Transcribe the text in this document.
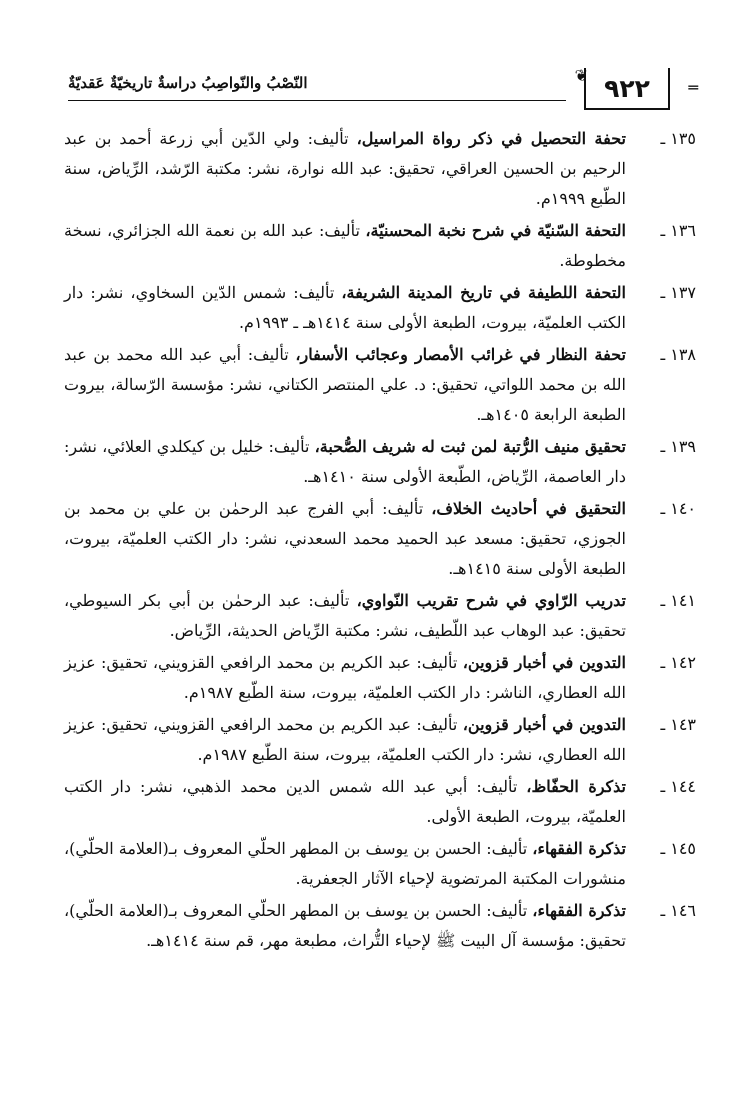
النّصْبُ والنّواصِبُ دراسةٌ تاريخيّةٌ عَقديّةٌ	❦ ٩٢٢ ═
١٣٥ ـ
تحفة التحصيل في ذكر رواة المراسيل، تأليف: ولي الدّين أبي زرعة أحمد بن عبد الرحيم بن الحسين العراقي، تحقيق: عبد الله نوارة، نشر: مكتبة الرّشد، الرِّياض، سنة الطّبع ١٩٩٩م.
١٣٦ ـ
التحفة السّنيّة في شرح نخبة المحسنيّة، تأليف: عبد الله بن نعمة الله الجزائري، نسخة مخطوطة.
١٣٧ ـ
التحفة اللطيفة في تاريخ المدينة الشريفة، تأليف: شمس الدّين السخاوي، نشر: دار الكتب العلميّة، بيروت، الطبعة الأولى سنة ١٤١٤هـ ـ ١٩٩٣م.
١٣٨ ـ
تحفة النظار في غرائب الأمصار وعجائب الأسفار، تأليف: أبي عبد الله محمد بن عبد الله بن محمد اللواتي، تحقيق: د. علي المنتصر الكتاني، نشر: مؤسسة الرّسالة، بيروت الطبعة الرابعة ١٤٠٥هـ.
١٣٩ ـ
تحقيق منيف الرُّتبة لمن ثبت له شريف الصُّحبة، تأليف: خليل بن كيكلدي العلائي، نشر: دار العاصمة، الرِّياض، الطّبعة الأولى سنة ١٤١٠هـ.
١٤٠ ـ
التحقيق في أحاديث الخلاف، تأليف: أبي الفرج عبد الرحمٰن بن علي بن محمد بن الجوزي، تحقيق: مسعد عبد الحميد محمد السعدني، نشر: دار الكتب العلميّة، بيروت، الطبعة الأولى سنة ١٤١٥هـ.
١٤١ ـ
تدريب الرّاوي في شرح تقريب النّواوي، تأليف: عبد الرحمٰن بن أبي بكر السيوطي، تحقيق: عبد الوهاب عبد اللّطيف، نشر: مكتبة الرِّياض الحديثة، الرِّياض.
١٤٢ ـ
التدوين في أخبار قزوين، تأليف: عبد الكريم بن محمد الرافعي القزويني، تحقيق: عزيز الله العطاري، الناشر: دار الكتب العلميّة، بيروت، سنة الطّبع ١٩٨٧م.
١٤٣ ـ
التدوين في أخبار قزوين، تأليف: عبد الكريم بن محمد الرافعي القزويني، تحقيق: عزيز الله العطاري، نشر: دار الكتب العلميّة، بيروت، سنة الطّبع ١٩٨٧م.
١٤٤ ـ
تذكرة الحفّاظ، تأليف: أبي عبد الله شمس الدين محمد الذهبي، نشر: دار الكتب العلميّة، بيروت، الطبعة الأولى.
١٤٥ ـ
تذكرة الفقهاء، تأليف: الحسن بن يوسف بن المطهر الحلّي المعروف بـ(العلامة الحلّي)، منشورات المكتبة المرتضوية لإحياء الآثار الجعفرية.
١٤٦ ـ
تذكرة الفقهاء، تأليف: الحسن بن يوسف بن المطهر الحلّي المعروف بـ(العلامة الحلّي)، تحقيق: مؤسسة آل البيت ﷺ لإحياء التُّراث، مطبعة مهر، قم سنة ١٤١٤هـ.
